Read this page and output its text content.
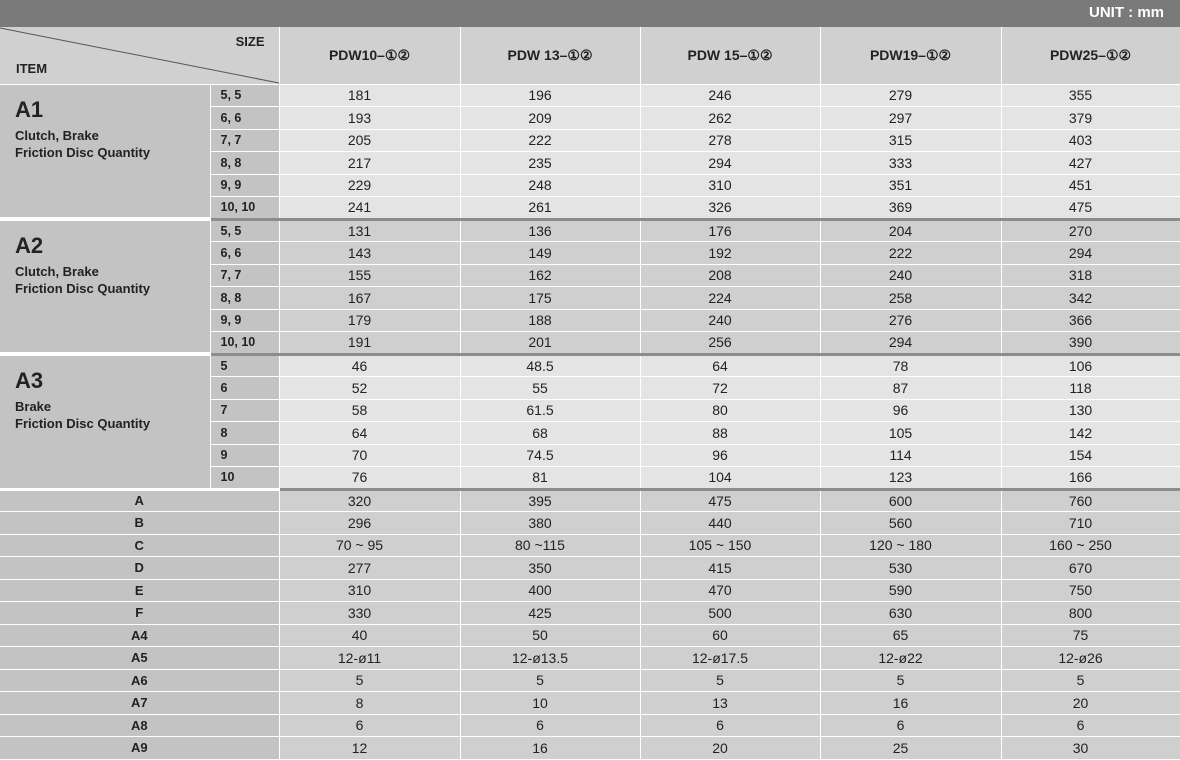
UNIT : mm
SIZE
ITEM		PDW10–①②	PDW 13–①②	PDW 15–①②	PDW19–①②	PDW25–①②

A1
Clutch, Brake
Friction Disc Quantity	5, 5	181	196	246	279	355
	6, 6	193	209	262	297	379
	7, 7	205	222	278	315	403
	8, 8	217	235	294	333	427
	9, 9	229	248	310	351	451
	10, 10	241	261	326	369	475

A2
Clutch, Brake
Friction Disc Quantity	5, 5	131	136	176	204	270
	6, 6	143	149	192	222	294
	7, 7	155	162	208	240	318
	8, 8	167	175	224	258	342
	9, 9	179	188	240	276	366
	10, 10	191	201	256	294	390

A3
Brake
Friction Disc Quantity	5	46	48.5	64	78	106
	6	52	55	72	87	118
	7	58	61.5	80	96	130
	8	64	68	88	105	142
	9	70	74.5	96	114	154
	10	76	81	104	123	166
A		320	395	475	600	760
B		296	380	440	560	710
C		70 ~ 95	80 ~115	105 ~ 150	120 ~ 180	160 ~ 250
D		277	350	415	530	670
E		310	400	470	590	750
F		330	425	500	630	800
A4		40	50	60	65	75
A5		12-ø11	12-ø13.5	12-ø17.5	12-ø22	12-ø26
A6		5	5	5	5	5
A7		8	10	13	16	20
A8		6	6	6	6	6
A9		12	16	20	25	30
